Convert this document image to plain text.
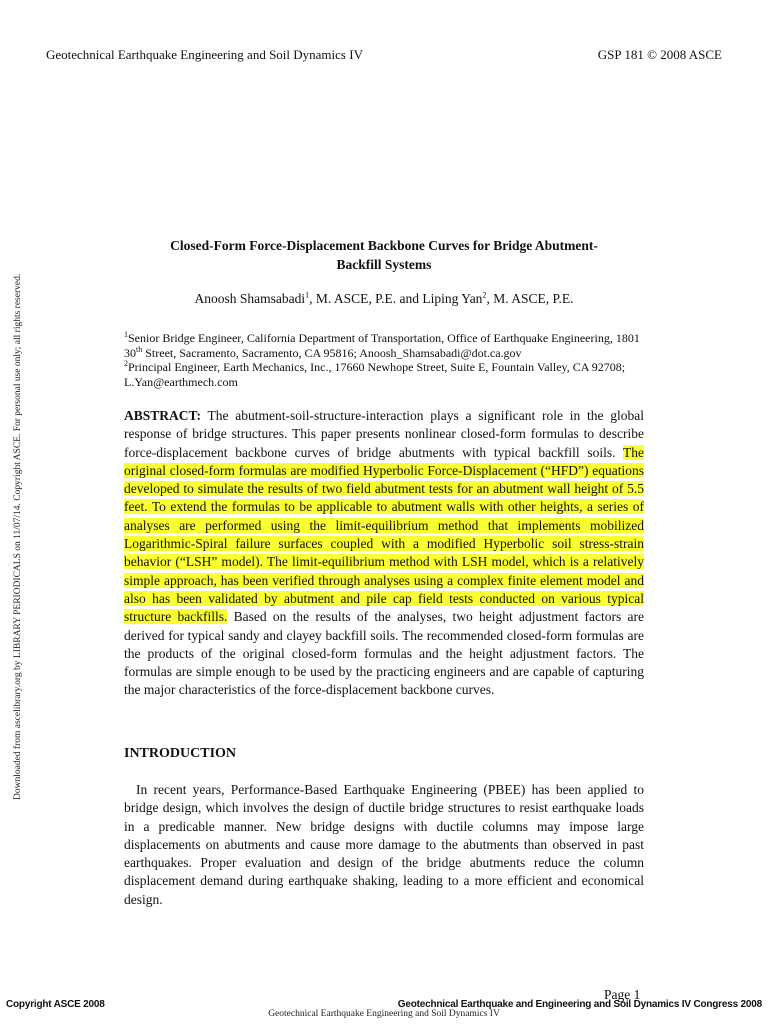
Geotechnical Earthquake Engineering and Soil Dynamics IV	GSP 181 © 2008 ASCE
Downloaded from ascelibrary.org by LIBRARY PERIODICALS on 11/07/14. Copyright ASCE. For personal use only; all rights reserved.
Closed-Form Force-Displacement Backbone Curves for Bridge Abutment-
Backfill Systems
Anoosh Shamsabadi$^1$, M. ASCE, P.E. and Liping Yan$^2$, M. ASCE, P.E.

$^1$Senior Bridge Engineer, California Department of Transportation, Office of Earthquake Engineering, 1801 30th Street, Sacramento, Sacramento, CA 95816; Anoosh_Shamsabadi@dot.ca.gov

$^2$Principal Engineer, Earth Mechanics, Inc., 17660 Newhope Street, Suite E, Fountain Valley, CA 92708; L.Yan@earthmech.com

ABSTRACT: The abutment-soil-structure-interaction plays a significant role in the global response of bridge structures. This paper presents nonlinear closed-form formulas to describe force-displacement backbone curves of bridge abutments with typical backfill soils. The original closed-form formulas are modified Hyperbolic Force-Displacement (“HFD”) equations developed to simulate the results of two field abutment tests for an abutment wall height of 5.5 feet. To extend the formulas to be applicable to abutment walls with other heights, a series of analyses are performed using the limit-equilibrium method that implements mobilized Logarithmic-Spiral failure surfaces coupled with a modified Hyperbolic soil stress-strain behavior (“LSH” model). The limit-equilibrium method with LSH model, which is a relatively simple approach, has been verified through analyses using a complex finite element model and also has been validated by abutment and pile cap field tests conducted on various typical structure backfills. Based on the results of the analyses, two height adjustment factors are derived for typical sandy and clayey backfill soils. The recommended closed-form formulas are the products of the original closed-form formulas and the height adjustment factors. The formulas are simple enough to be used by the practicing engineers and are capable of capturing the major characteristics of the force-displacement backbone curves.
INTRODUCTION
In recent years, Performance-Based Earthquake Engineering (PBEE) has been applied to bridge design, which involves the design of ductile bridge structures to resist earthquake loads in a predicable manner. New bridge designs with ductile columns may impose large displacements on abutments and cause more damage to the abutments than observed in past earthquakes. Proper evaluation and design of the bridge abutments reduce the column displacement demand during earthquake shaking, leading to a more efficient and economical design.
Page 1
Copyright ASCE 2008	Geotechnical Earthquake and Engineering and Soil Dynamics IV Congress 2008
Geotechnical Earthquake Engineering and Soil Dynamics IV
